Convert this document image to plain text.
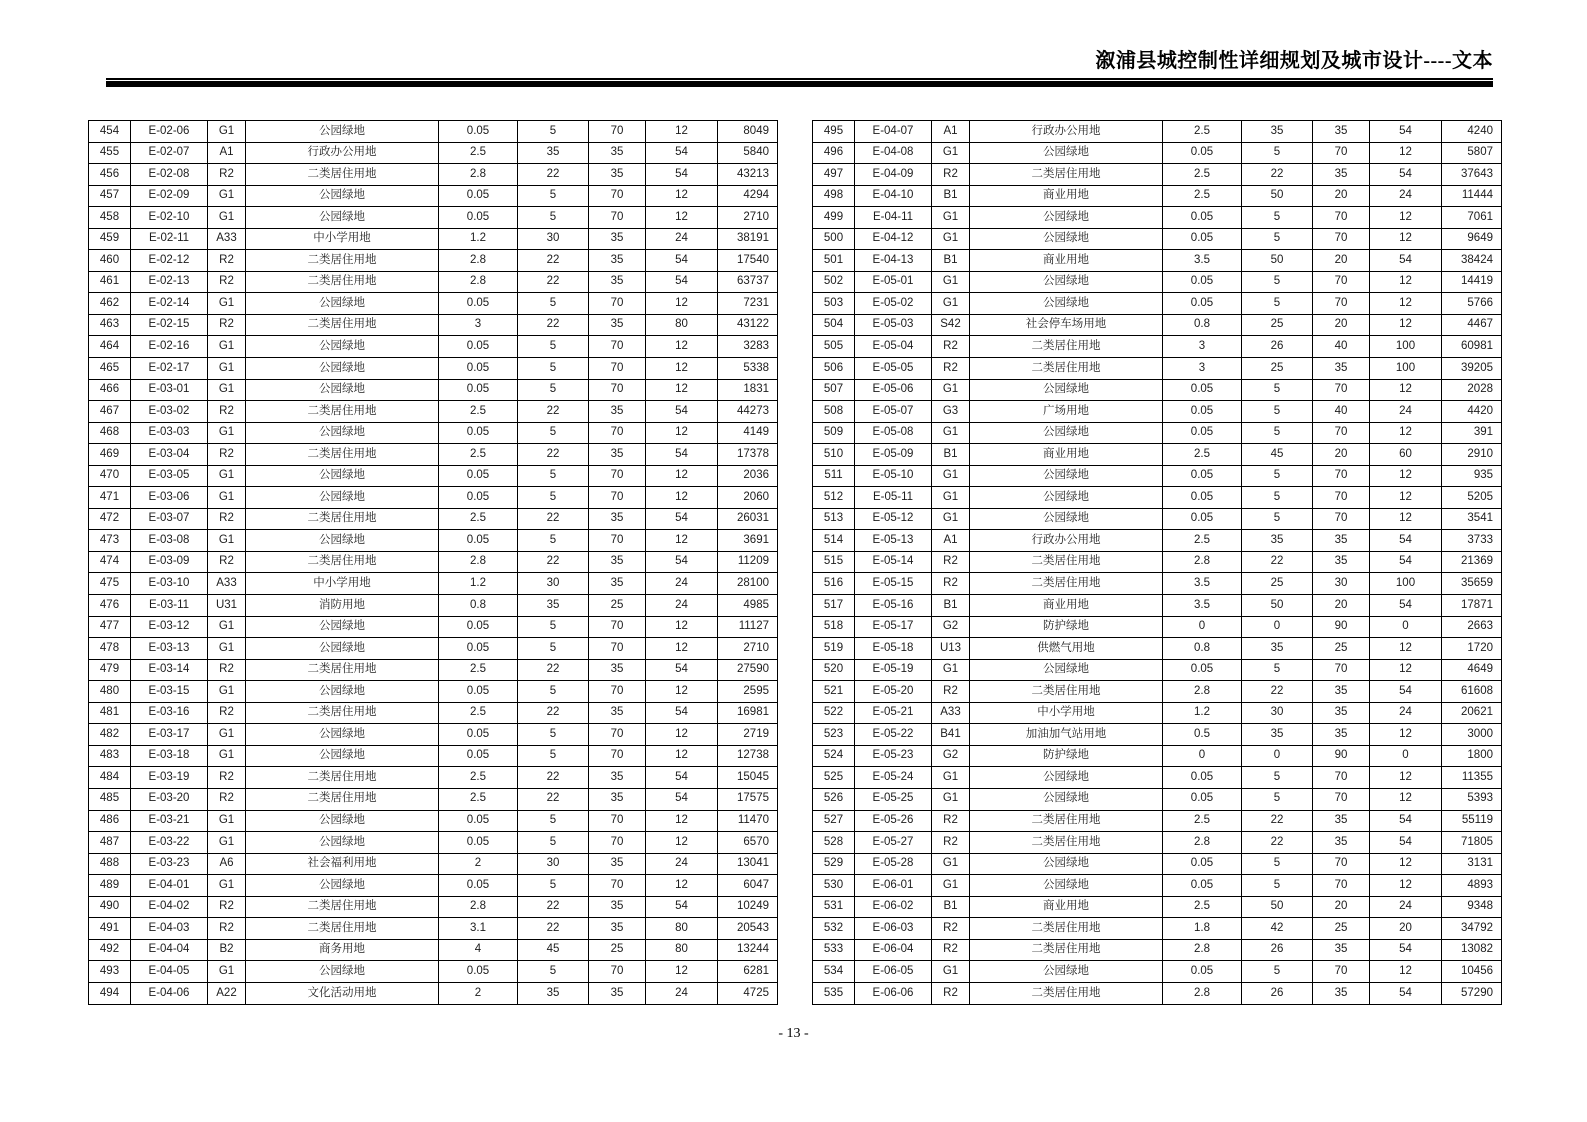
溆浦县城控制性详细规划及城市设计----文本
454	E-02-06	G1	公园绿地	0.05	5	70	12	8049
455	E-02-07	A1	行政办公用地	2.5	35	35	54	5840
456	E-02-08	R2	二类居住用地	2.8	22	35	54	43213
457	E-02-09	G1	公园绿地	0.05	5	70	12	4294
458	E-02-10	G1	公园绿地	0.05	5	70	12	2710
459	E-02-11	A33	中小学用地	1.2	30	35	24	38191
460	E-02-12	R2	二类居住用地	2.8	22	35	54	17540
461	E-02-13	R2	二类居住用地	2.8	22	35	54	63737
462	E-02-14	G1	公园绿地	0.05	5	70	12	7231
463	E-02-15	R2	二类居住用地	3	22	35	80	43122
464	E-02-16	G1	公园绿地	0.05	5	70	12	3283
465	E-02-17	G1	公园绿地	0.05	5	70	12	5338
466	E-03-01	G1	公园绿地	0.05	5	70	12	1831
467	E-03-02	R2	二类居住用地	2.5	22	35	54	44273
468	E-03-03	G1	公园绿地	0.05	5	70	12	4149
469	E-03-04	R2	二类居住用地	2.5	22	35	54	17378
470	E-03-05	G1	公园绿地	0.05	5	70	12	2036
471	E-03-06	G1	公园绿地	0.05	5	70	12	2060
472	E-03-07	R2	二类居住用地	2.5	22	35	54	26031
473	E-03-08	G1	公园绿地	0.05	5	70	12	3691
474	E-03-09	R2	二类居住用地	2.8	22	35	54	11209
475	E-03-10	A33	中小学用地	1.2	30	35	24	28100
476	E-03-11	U31	消防用地	0.8	35	25	24	4985
477	E-03-12	G1	公园绿地	0.05	5	70	12	11127
478	E-03-13	G1	公园绿地	0.05	5	70	12	2710
479	E-03-14	R2	二类居住用地	2.5	22	35	54	27590
480	E-03-15	G1	公园绿地	0.05	5	70	12	2595
481	E-03-16	R2	二类居住用地	2.5	22	35	54	16981
482	E-03-17	G1	公园绿地	0.05	5	70	12	2719
483	E-03-18	G1	公园绿地	0.05	5	70	12	12738
484	E-03-19	R2	二类居住用地	2.5	22	35	54	15045
485	E-03-20	R2	二类居住用地	2.5	22	35	54	17575
486	E-03-21	G1	公园绿地	0.05	5	70	12	11470
487	E-03-22	G1	公园绿地	0.05	5	70	12	6570
488	E-03-23	A6	社会福利用地	2	30	35	24	13041
489	E-04-01	G1	公园绿地	0.05	5	70	12	6047
490	E-04-02	R2	二类居住用地	2.8	22	35	54	10249
491	E-04-03	R2	二类居住用地	3.1	22	35	80	20543
492	E-04-04	B2	商务用地	4	45	25	80	13244
493	E-04-05	G1	公园绿地	0.05	5	70	12	6281
494	E-04-06	A22	文化活动用地	2	35	35	24	4725
495	E-04-07	A1	行政办公用地	2.5	35	35	54	4240
496	E-04-08	G1	公园绿地	0.05	5	70	12	5807
497	E-04-09	R2	二类居住用地	2.5	22	35	54	37643
498	E-04-10	B1	商业用地	2.5	50	20	24	11444
499	E-04-11	G1	公园绿地	0.05	5	70	12	7061
500	E-04-12	G1	公园绿地	0.05	5	70	12	9649
501	E-04-13	B1	商业用地	3.5	50	20	54	38424
502	E-05-01	G1	公园绿地	0.05	5	70	12	14419
503	E-05-02	G1	公园绿地	0.05	5	70	12	5766
504	E-05-03	S42	社会停车场用地	0.8	25	20	12	4467
505	E-05-04	R2	二类居住用地	3	26	40	100	60981
506	E-05-05	R2	二类居住用地	3	25	35	100	39205
507	E-05-06	G1	公园绿地	0.05	5	70	12	2028
508	E-05-07	G3	广场用地	0.05	5	40	24	4420
509	E-05-08	G1	公园绿地	0.05	5	70	12	391
510	E-05-09	B1	商业用地	2.5	45	20	60	2910
511	E-05-10	G1	公园绿地	0.05	5	70	12	935
512	E-05-11	G1	公园绿地	0.05	5	70	12	5205
513	E-05-12	G1	公园绿地	0.05	5	70	12	3541
514	E-05-13	A1	行政办公用地	2.5	35	35	54	3733
515	E-05-14	R2	二类居住用地	2.8	22	35	54	21369
516	E-05-15	R2	二类居住用地	3.5	25	30	100	35659
517	E-05-16	B1	商业用地	3.5	50	20	54	17871
518	E-05-17	G2	防护绿地	0	0	90	0	2663
519	E-05-18	U13	供燃气用地	0.8	35	25	12	1720
520	E-05-19	G1	公园绿地	0.05	5	70	12	4649
521	E-05-20	R2	二类居住用地	2.8	22	35	54	61608
522	E-05-21	A33	中小学用地	1.2	30	35	24	20621
523	E-05-22	B41	加油加气站用地	0.5	35	35	12	3000
524	E-05-23	G2	防护绿地	0	0	90	0	1800
525	E-05-24	G1	公园绿地	0.05	5	70	12	11355
526	E-05-25	G1	公园绿地	0.05	5	70	12	5393
527	E-05-26	R2	二类居住用地	2.5	22	35	54	55119
528	E-05-27	R2	二类居住用地	2.8	22	35	54	71805
529	E-05-28	G1	公园绿地	0.05	5	70	12	3131
530	E-06-01	G1	公园绿地	0.05	5	70	12	4893
531	E-06-02	B1	商业用地	2.5	50	20	24	9348
532	E-06-03	R2	二类居住用地	1.8	42	25	20	34792
533	E-06-04	R2	二类居住用地	2.8	26	35	54	13082
534	E-06-05	G1	公园绿地	0.05	5	70	12	10456
535	E-06-06	R2	二类居住用地	2.8	26	35	54	57290
- 13 -
